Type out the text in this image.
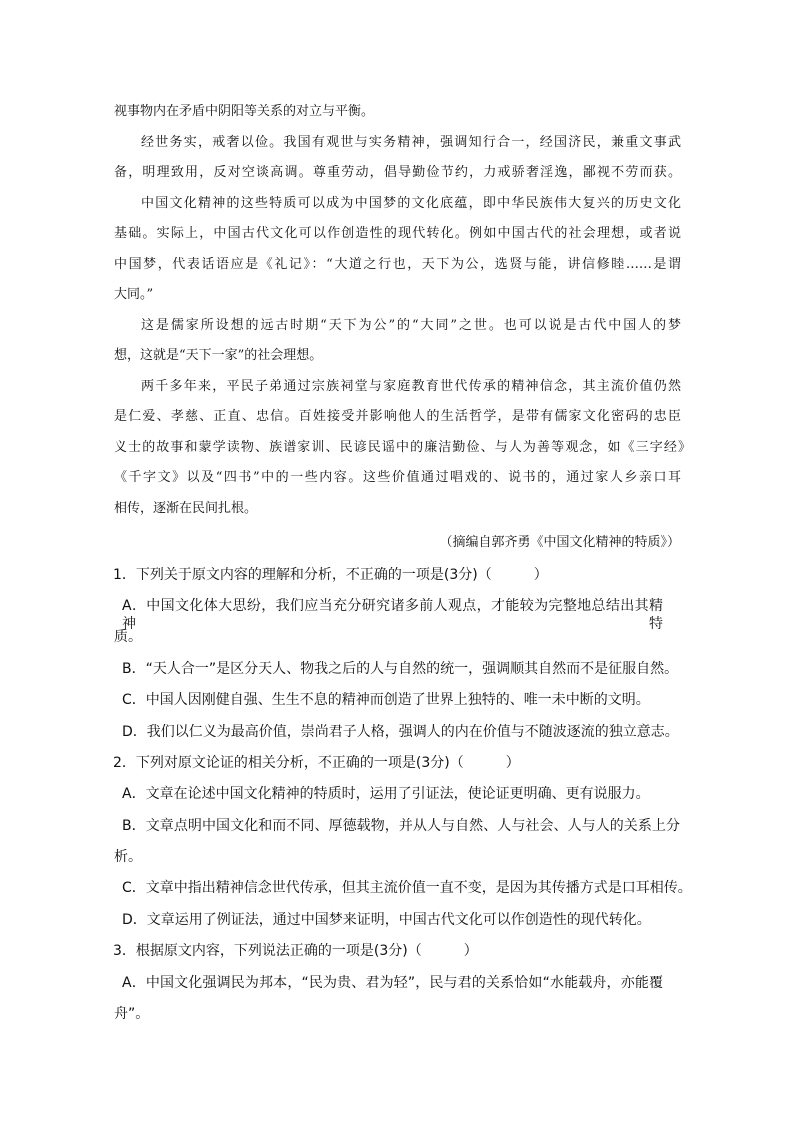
视事物内在矛盾中阴阳等关系的对立与平衡。

经世务实，戒奢以俭。我国有观世与实务精神，强调知行合一，经国济民，兼重文事武

备，明理致用，反对空谈高调。尊重劳动，倡导勤俭节约，力戒骄奢淫逸，鄙视不劳而获。

中国文化精神的这些特质可以成为中国梦的文化底蕴，即中华民族伟大复兴的历史文化

基础。实际上，中国古代文化可以作创造性的现代转化。例如中国古代的社会理想，或者说

中国梦，代表话语应是《礼记》：“大道之行也，天下为公，选贤与能，讲信修睦……是谓

大同。”

这是儒家所设想的远古时期“天下为公”的“大同”之世。也可以说是古代中国人的梦

想，这就是“天下一家”的社会理想。

两千多年来，平民子弟通过宗族祠堂与家庭教育世代传承的精神信念，其主流价值仍然

是仁爱、孝慈、正直、忠信。百姓接受并影响他人的生活哲学，是带有儒家文化密码的忠臣

义士的故事和蒙学读物、族谱家训、民谚民谣中的廉洁勤俭、与人为善等观念，如《三字经》

《千字文》以及“四书”中的一些内容。这些价值通过唱戏的、说书的，通过家人乡亲口耳

相传，逐渐在民间扎根。

（摘编自郭齐勇《中国文化精神的特质》）

1．下列关于原文内容的理解和分析，不正确的一项是(3分)（　　　）

A．中国文化体大思纷，我们应当充分研究诸多前人观点，才能较为完整地总结出其精神特

质。

B．“天人合一”是区分天人、物我之后的人与自然的统一，强调顺其自然而不是征服自然。

C．中国人因刚健自强、生生不息的精神而创造了世界上独特的、唯一未中断的文明。

D．我们以仁义为最高价值，崇尚君子人格，强调人的内在价值与不随波逐流的独立意志。

2．下列对原文论证的相关分析，不正确的一项是(3分)（　　　）

A．文章在论述中国文化精神的特质时，运用了引证法，使论证更明确、更有说服力。

B．文章点明中国文化和而不同、厚德载物，并从人与自然、人与社会、人与人的关系上分

析。

C．文章中指出精神信念世代传承，但其主流价值一直不变，是因为其传播方式是口耳相传。

D．文章运用了例证法，通过中国梦来证明，中国古代文化可以作创造性的现代转化。

3．根据原文内容，下列说法正确的一项是(3分)（　　　）

A．中国文化强调民为邦本，“民为贵、君为轻”，民与君的关系恰如“水能载舟，亦能覆

舟”。
